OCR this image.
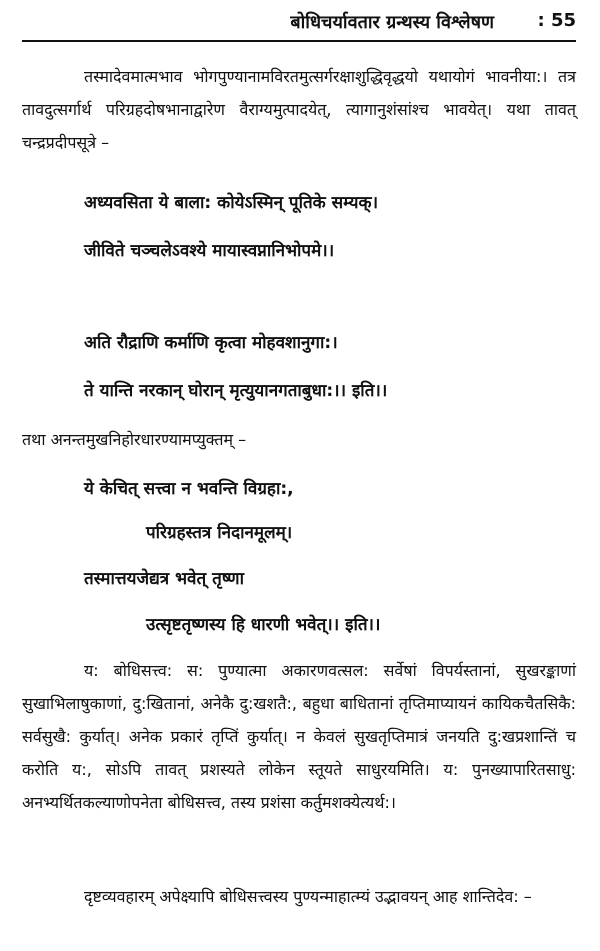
बोधिचर्यावतार ग्रन्थस्य विश्लेषण : 55

तस्मादेवमात्मभाव भोगपुण्यानामविरतमुत्सर्गरक्षाशुद्धिवृद्धयो यथायोगं भावनीया:। तत्र तावदुत्सर्गार्थ परिग्रहदोषभानाद्वारेण वैराग्यमुत्पादयेत्, त्यागानुशंसांश्च भावयेत्। यथा तावत् चन्द्रप्रदीपसूत्रे –

अध्यवसिता ये बाला: कोयेऽस्मिन् पूतिके सम्यक्।
जीविते चञ्चलेऽवश्ये मायास्वप्नानिभोपमे।।
अति रौद्राणि कर्माणि कृत्वा मोहवशानुगा:।
ते यान्ति नरकान् घोरान् मृत्युयानगताबुधा:।। इति।।
तथा अनन्तमुखनिहोरधारण्यामप्युक्तम् –
ये केचित् सत्त्वा न भवन्ति विग्रहा:,
परिग्रहस्तत्र निदानमूलम्।
तस्मात्तयजेद्यत्र भवेत् तृष्णा
उत्सृष्टतृष्णस्य हि धारणी भवेत्।। इति।।

य: बोधिसत्त्व: स: पुण्यात्मा अकारणवत्सल: सर्वेषां विपर्यस्तानां, सुखरङ्काणां सुखाभिलाषुकाणां, दु:खितानां, अनेकै दु:खशतै:, बहुधा बाधितानां तृप्तिमाप्यायनं कायिकचैतसिकै: सर्वसुखै: कुर्यात्। अनेक प्रकारं तृप्तिं कुर्यात्। न केवलं सुखतृप्तिमात्रं जनयति दु:खप्रशान्तिं च करोति य:, सोऽपि तावत् प्रशस्यते लोकेन स्तूयते साधुरयमिति। य: पुनख्यापारितसाधु: अनभ्यर्थितकल्याणोपनेता बोधिसत्त्व, तस्य प्रशंसा कर्तुमशक्येत्यर्थ:।

दृष्टव्यवहारम् अपेक्ष्यापि बोधिसत्त्वस्य पुण्यन्माहात्म्यं उद्भावयन् आह शान्तिदेव: –
